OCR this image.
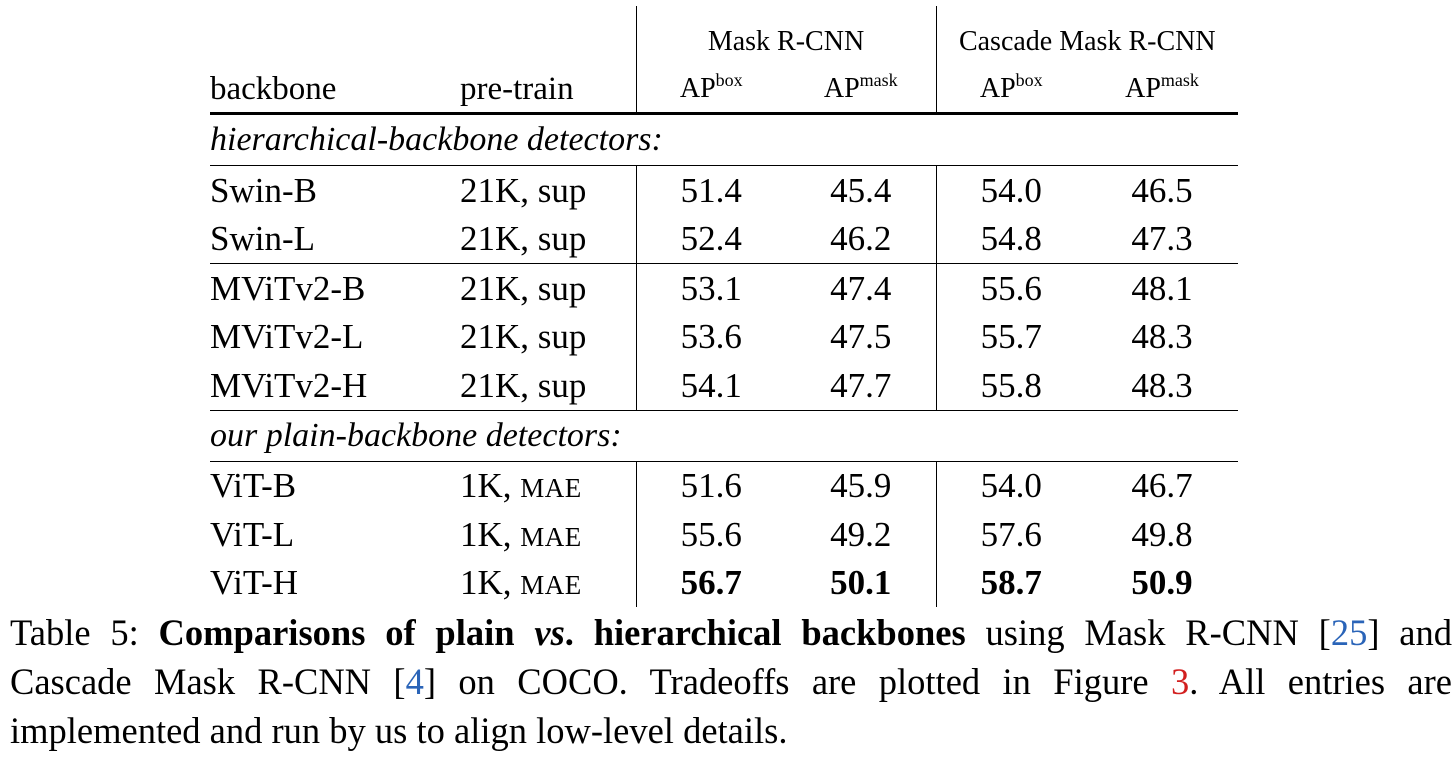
		Mask R-CNN		Cascade Mask R-CNN	
backbone	pre-train	$AP^{box}$	$AP^{mask}$	$AP^{box}$	$AP^{mask}$
hierarchical-backbone detectors:					
Swin-B	21K, sup	51.4	45.4	54.0	46.5
Swin-L	21K, sup	52.4	46.2	54.8	47.3
MViTv2-B	21K, sup	53.1	47.4	55.6	48.1
MViTv2-L	21K, sup	53.6	47.5	55.7	48.3
MViTv2-H	21K, sup	54.1	47.7	55.8	48.3
our plain-backbone detectors:					
ViT-B	1K, MAE	51.6	45.9	54.0	46.7
ViT-L	1K, MAE	55.6	49.2	57.6	49.8
ViT-H	1K, MAE	56.7	50.1	58.7	50.9
Table 5: Comparisons of plain vs. hierarchical backbones using Mask R-CNN [25] and Cascade Mask R-CNN [4] on COCO. Tradeoffs are plotted in Figure 3. All entries are implemented and run by us to align low-level details.
